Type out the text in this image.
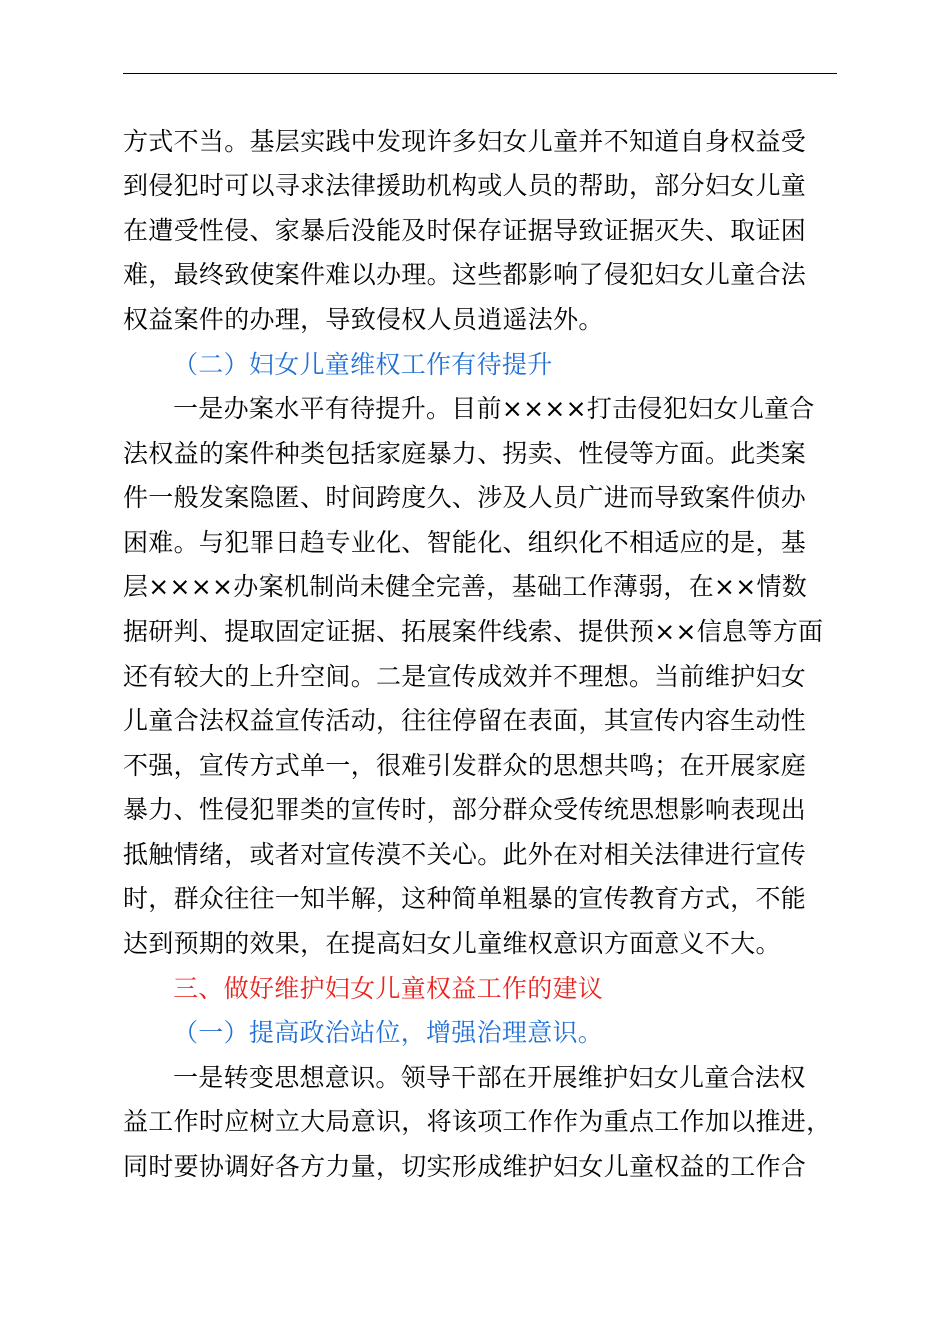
方式不当。基层实践中发现许多妇女儿童并不知道自身权益受
到侵犯时可以寻求法律援助机构或人员的帮助，部分妇女儿童
在遭受性侵、家暴后没能及时保存证据导致证据灭失、取证困
难，最终致使案件难以办理。这些都影响了侵犯妇女儿童合法
权益案件的办理，导致侵权人员逍遥法外。
（二）妇女儿童维权工作有待提升
一是办案水平有待提升。目前××××打击侵犯妇女儿童合
法权益的案件种类包括家庭暴力、拐卖、性侵等方面。此类案
件一般发案隐匿、时间跨度久、涉及人员广进而导致案件侦办
困难。与犯罪日趋专业化、智能化、组织化不相适应的是，基
层××××办案机制尚未健全完善，基础工作薄弱，在××情数
据研判、提取固定证据、拓展案件线索、提供预××信息等方面
还有较大的上升空间。二是宣传成效并不理想。当前维护妇女
儿童合法权益宣传活动，往往停留在表面，其宣传内容生动性
不强，宣传方式单一，很难引发群众的思想共鸣；在开展家庭
暴力、性侵犯罪类的宣传时，部分群众受传统思想影响表现出
抵触情绪，或者对宣传漠不关心。此外在对相关法律进行宣传
时，群众往往一知半解，这种简单粗暴的宣传教育方式，不能
达到预期的效果，在提高妇女儿童维权意识方面意义不大。
三、做好维护妇女儿童权益工作的建议
（一）提高政治站位，增强治理意识。
一是转变思想意识。领导干部在开展维护妇女儿童合法权
益工作时应树立大局意识，将该项工作作为重点工作加以推进，
同时要协调好各方力量，切实形成维护妇女儿童权益的工作合
